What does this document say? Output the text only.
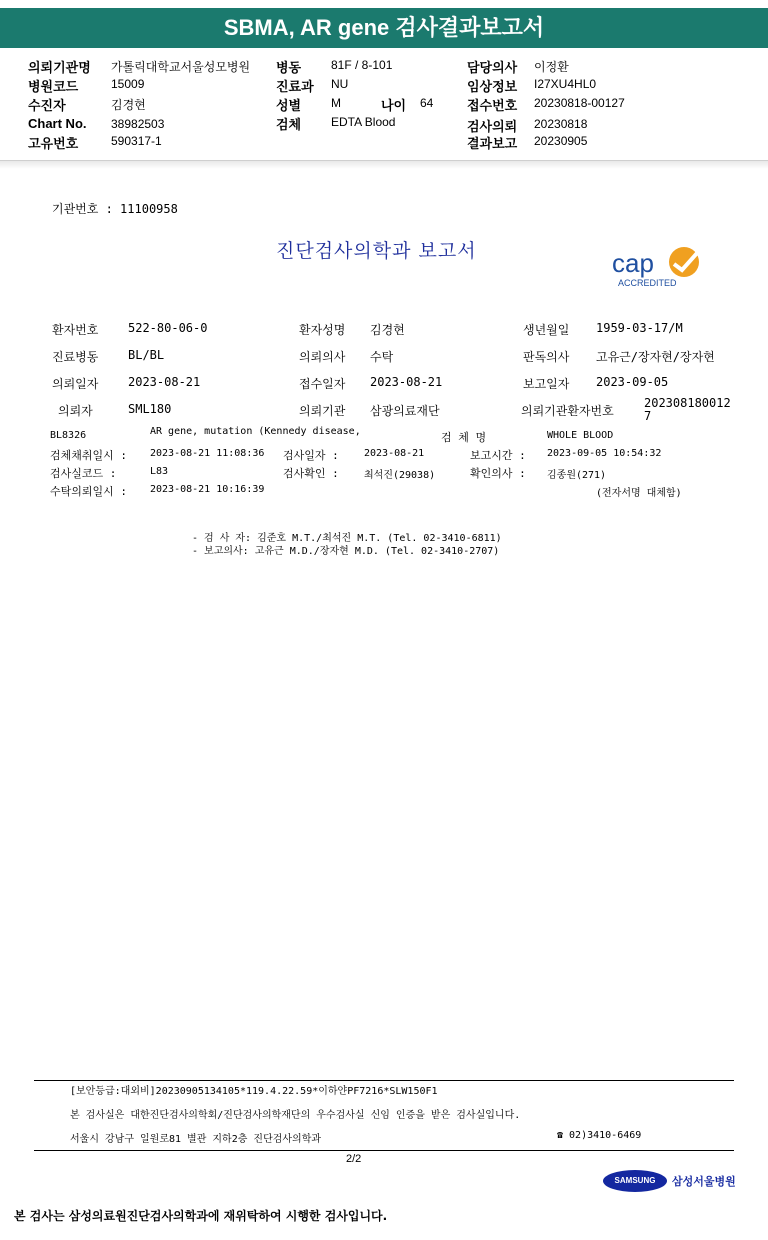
SBMA, AR gene 검사결과보고서
의뢰기관명 가톨릭대학교서울성모병원
병원코드	15009
수진자	김경현
Chart No. 38982503
고유번호	590317-1
병동 81F / 8-101
진료과 NU
성별 M	나이 64
검체 EDTA Blood
담당의사 이정환
임상정보 I27XU4HL0
접수번호 20230818-00127
검사의뢰 20230818
결과보고 20230905
기관번호 : 11100958
진단검사의학과 보고서	cap
ACCREDITED
환자번호 522-80-06-0	환자성명 김경현	생년월일 1959-03-17/M
진료병동 BL/BL	의뢰의사 수탁	판독의사 고유근/장자현/장자현
의뢰일자 2023-08-21	접수일자 2023-08-21	보고일자 2023-09-05
의뢰자	SML180	의뢰기관 삼광의료재단	의뢰기관환자번호
202308180012
7
BL8326	AR gene, mutation (Kennedy disease,	검 체 명	WHOLE BLOOD
검체채취일시 : 2023-08-21 11:08:36 검사일자 :	2023-08-21	보고시간 : 2023-09-05 10:54:32
검사실코드 :	L83	검사확인 :	최석진(29038)	확인의사 : 김종원(271)
수탁의뢰일시 : 2023-08-21 10:16:39	(전자서명 대체함)
- 검 사 자: 김준호 M.T./최석진 M.T. (Tel. 02-3410-6811)
- 보고의사: 고유근 M.D./장자현 M.D. (Tel. 02-3410-2707)
[보안등급:대외비]20230905134105*119.4.22.59*이하얀PF7216*SLW150F1
본 검사실은 대한진단검사의학회/진단검사의학재단의 우수검사실 신임 인증을 받은 검사실입니다.
서울시 강남구 일원로81 별관 지하2층 진단검사의학과	☎ 02)3410-6469
2/2
SAMSUNG	삼성서울병원
본 검사는 삼성의료원진단검사의학과에 재위탁하여 시행한 검사입니다.
